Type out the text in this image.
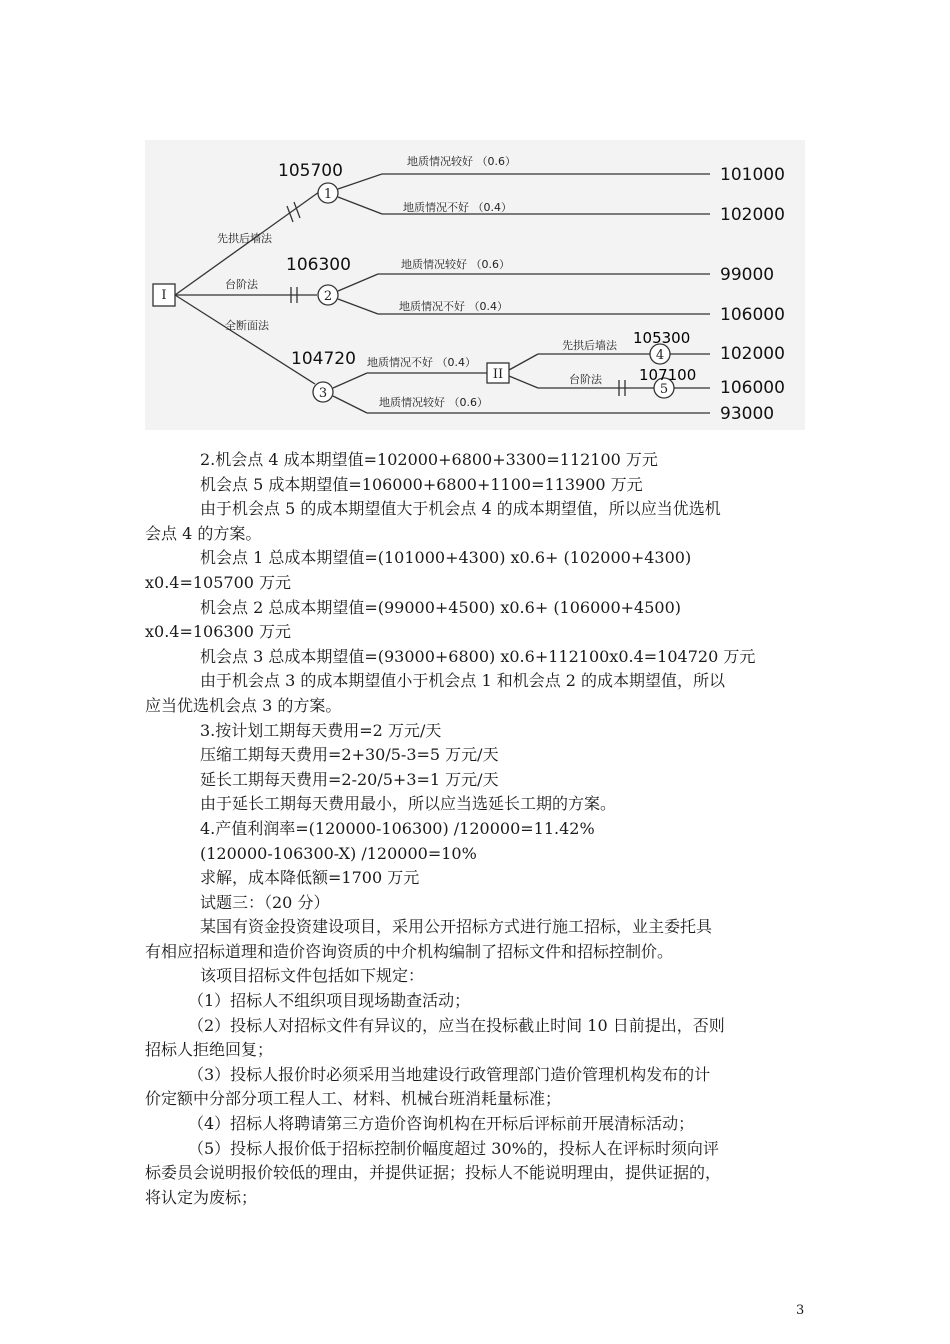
I
II
1
2
3
4
5
105700
106300
104720
105300
107100
先拱后墙法
台阶法
全断面法
地质情况较好 （0.6）
地质情况不好 （0.4）
地质情况较好 （0.6）
地质情况不好 （0.4）
地质情况不好 （0.4）
地质情况较好 （0.6）
先拱后墙法
台阶法
101000
102000
99000
106000
102000
106000
93000
2.机会点 4 成本期望值=102000+6800+3300=112100 万元
机会点 5 成本期望值=106000+6800+1100=113900 万元
由于机会点 5 的成本期望值大于机会点 4 的成本期望值，所以应当优选机
会点 4 的方案。
机会点 1 总成本期望值=(101000+4300) x0.6+ (102000+4300)
x0.4=105700 万元
机会点 2 总成本期望值=(99000+4500) x0.6+ (106000+4500)
x0.4=106300 万元
机会点 3 总成本期望值=(93000+6800) x0.6+112100x0.4=104720 万元
由于机会点 3 的成本期望值小于机会点 1 和机会点 2 的成本期望值，所以
应当优选机会点 3 的方案。
3.按计划工期每天费用=2 万元/天
压缩工期每天费用=2+30/5-3=5 万元/天
延长工期每天费用=2-20/5+3=1 万元/天
由于延长工期每天费用最小，所以应当选延长工期的方案。
4.产值利润率=(120000-106300) /120000=11.42%
(120000-106300-X) /120000=10%
求解，成本降低额=1700 万元
试题三：（20 分）
某国有资金投资建设项目，采用公开招标方式进行施工招标，业主委托具
有相应招标道理和造价咨询资质的中介机构编制了招标文件和招标控制价。
该项目招标文件包括如下规定：
（1）招标人不组织项目现场勘查活动；
（2）投标人对招标文件有异议的，应当在投标截止时间 10 日前提出，否则
招标人拒绝回复；
（3）投标人报价时必须采用当地建设行政管理部门造价管理机构发布的计
价定额中分部分项工程人工、材料、机械台班消耗量标准；
（4）招标人将聘请第三方造价咨询机构在开标后评标前开展清标活动；
（5）投标人报价低于招标控制价幅度超过 30%的，投标人在评标时须向评
标委员会说明报价较低的理由，并提供证据；投标人不能说明理由，提供证据的，
将认定为废标；
3
